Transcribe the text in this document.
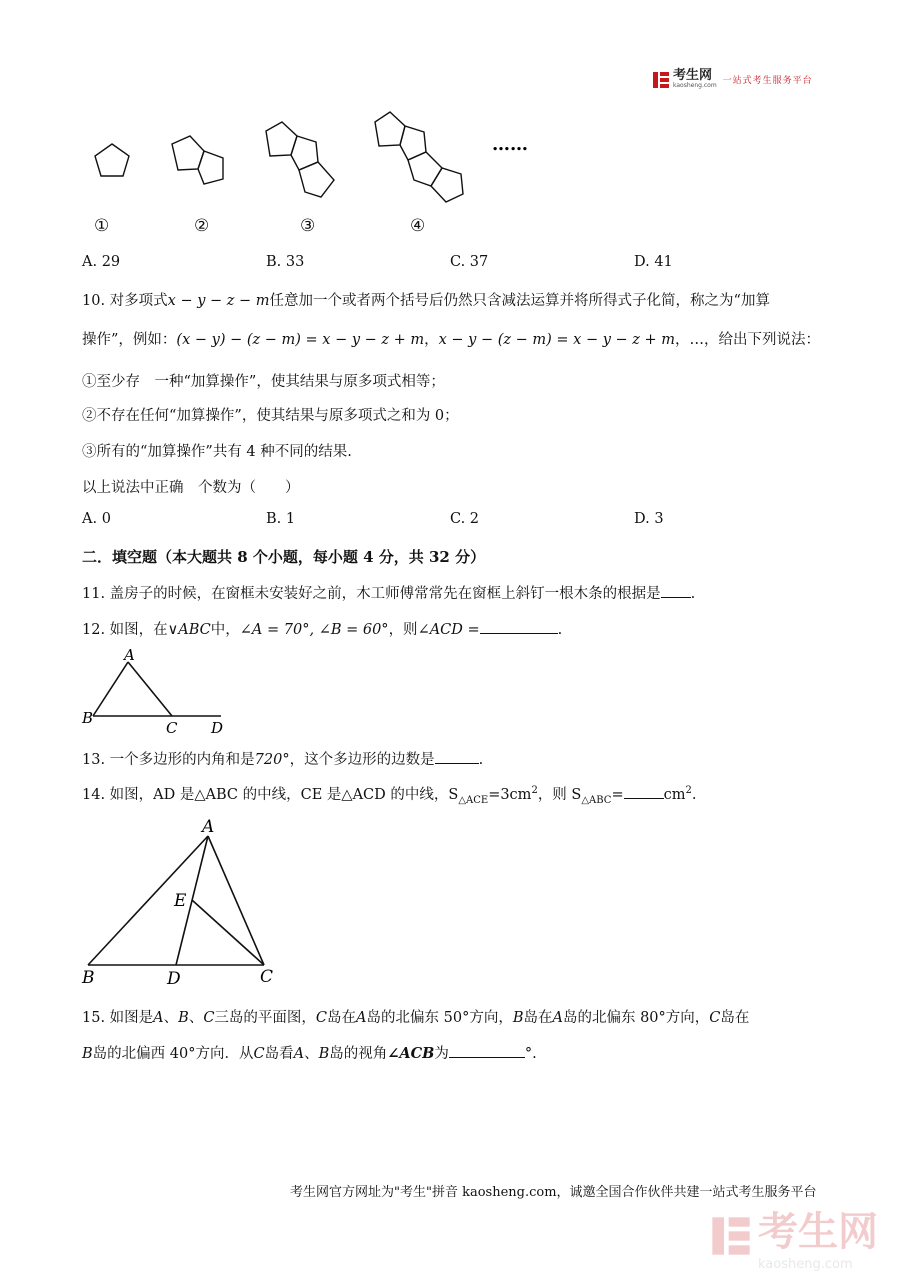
考生网
kaosheng.com 一站式考生服务平台
……
①	②	③	④
A. 29	B. 33	C. 37	D. 41
10. 对多项式x − y − z − m任意加一个或者两个括号后仍然只含减法运算并将所得式子化简，称之为“加算
操作”，例如：(x − y) − (z − m) = x − y − z + m，x − y − (z − m) = x − y − z + m，…，给出下列说法：
①至少存　一种“加算操作”，使其结果与原多项式相等；
②不存在任何“加算操作”，使其结果与原多项式之和为 0；
③所有的“加算操作”共有 4 种不同的结果.
以上说法中正确　个数为（　　）
A. 0	B. 1	C. 2	D. 3
二．填空题（本大题共 8 个小题，每小题 4 分，共 32 分）
11. 盖房子的时候，在窗框未安装好之前，木工师傅常常先在窗框上斜钉一根木条的根据是 .
12. 如图，在∨ABC中，∠A = 70°, ∠B = 60°，则∠ACD =	.
A
B
C D
13. 一个多边形的内角和是720°，这个多边形的边数是	.
14. 如图，AD 是△ABC 的中线，CE 是△ACD 的中线，$S_{\triangle ACE}=3cm^2$，则 $S_{\triangle ABC}=$	$cm^2$.
A
E
B	D	C
15. 如图是A、B、C三岛的平面图，C岛在A岛的北偏东 50°方向，B岛在A岛的北偏东 80°方向，C岛在
B岛的北偏西 40°方向．从C岛看A、B岛的视角∠ACB为	°.
考生网官方网址为"考生"拼音 kaosheng.com，诚邀全国合作伙伴共建一站式考生服务平台
考生网
kaosheng.com
